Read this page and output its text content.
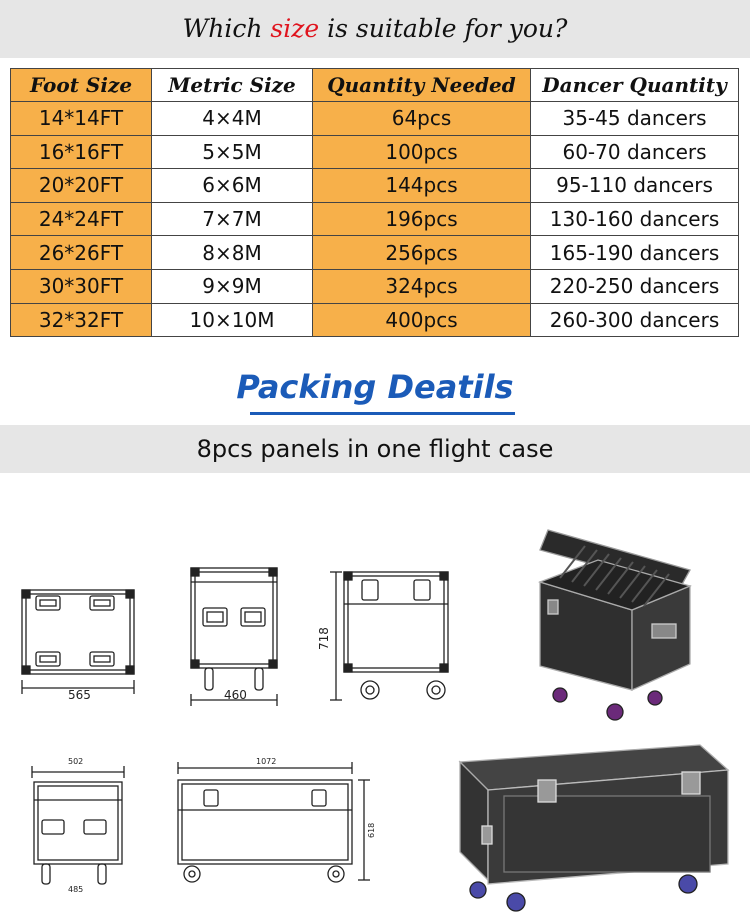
Which size is suitable for you?
Foot Size	Metric Size	Quantity Needed	Dancer Quantity
14*14FT	4×4M	64pcs	35-45 dancers
16*16FT	5×5M	100pcs	60-70 dancers
20*20FT	6×6M	144pcs	95-110 dancers
24*24FT	7×7M	196pcs	130-160 dancers
26*26FT	8×8M	256pcs	165-190 dancers
30*30FT	9×9M	324pcs	220-250 dancers
32*32FT	10×10M	400pcs	260-300 dancers
Packing Deatils
8pcs panels in one flight case
565	460
718
502
485
1072
618
